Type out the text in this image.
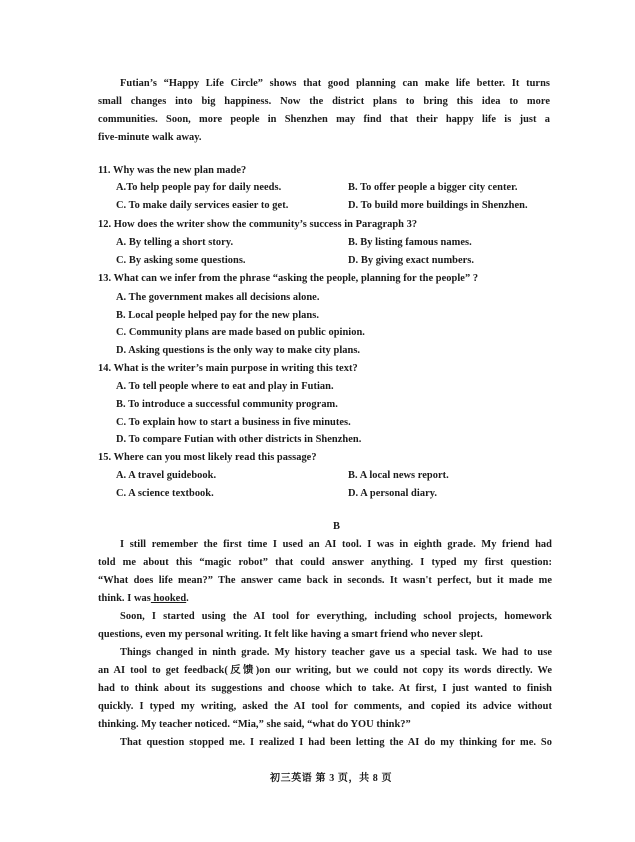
Futian’s “Happy Life Circle” shows that good planning can make life better. It turns
small changes into big happiness. Now the district plans to bring this idea to more
communities. Soon, more people in Shenzhen may find that their happy life is just a
five-minute walk away.
11. Why was the new plan made?
A.To help people pay for daily needs.	B. To offer people a bigger city center.
C. To make daily services easier to get.	D. To build more buildings in Shenzhen.
12. How does the writer show the community’s success in Paragraph 3?
A. By telling a short story.	B. By listing famous names.
C. By asking some questions.	D. By giving exact numbers.
13. What can we infer from the phrase “asking the people, planning for the people” ?
A. The government makes all decisions alone.
B. Local people helped pay for the new plans.
C. Community plans are made based on public opinion.
D. Asking questions is the only way to make city plans.
14. What is the writer’s main purpose in writing this text?
A. To tell people where to eat and play in Futian.
B. To introduce a successful community program.
C. To explain how to start a business in five minutes.
D. To compare Futian with other districts in Shenzhen.
15. Where can you most likely read this passage?
A. A travel guidebook.	B. A local news report.
C. A science textbook.	D. A personal diary.
B
I still remember the first time I used an AI tool. I was in eighth grade. My friend had
told me about this “magic robot” that could answer anything. I typed my first question:
“What does life mean?” The answer came back in seconds. It wasn't perfect, but it made me
think. I was hooked.
Soon, I started using the AI tool for everything, including school projects, homework
questions, even my personal writing. It felt like having a smart friend who never slept.
Things changed in ninth grade. My history teacher gave us a special task. We had to use
an AI tool to get feedback(反馈)on our writing, but we could not copy its words directly. We
had to think about its suggestions and choose which to take. At first, I just wanted to finish
quickly. I typed my writing, asked the AI tool for comments, and copied its advice without
thinking. My teacher noticed. “Mia,” she said, “what do YOU think?”
That question stopped me. I realized I had been letting the AI do my thinking for me. So
初三英语 第 3 页，共 8 页
